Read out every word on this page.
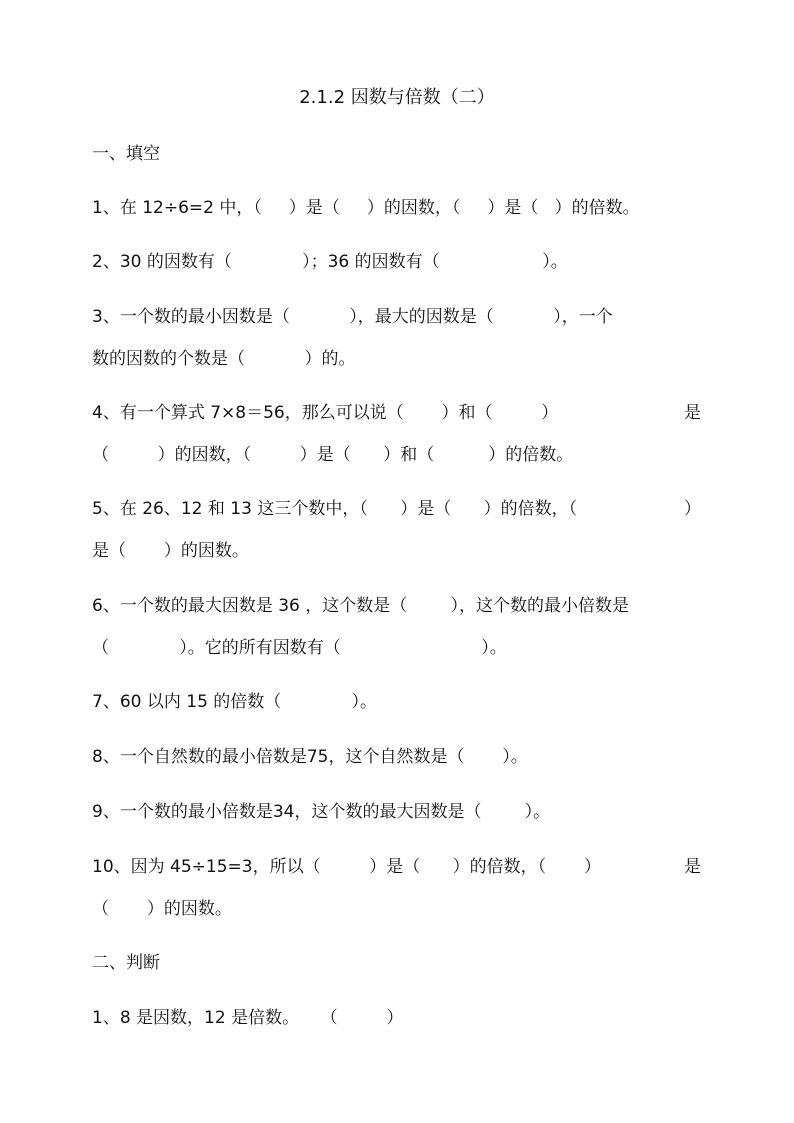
2.1.2 因数与倍数（二）
一、填空
1、在 12÷6=2 中，（     ）是（     ）的因数，（     ）是（   ）的倍数。
2、30 的因数有（             ）；36 的因数有（                   ）。
3、一个数的最小因数是（           ），最大的因数是（           ），一个
数的因数的个数是（           ）的。
4、有一个算式 7×8＝56，那么可以说（       ）和（         ）	是
（         ）的因数，（         ）是（      ）和（          ）的倍数。
5、在 26、12 和 13 这三个数中，（      ）是（      ）的倍数，（	）
是（       ）的因数。
6、一个数的最大因数是 36 ，这个数是（        ），这个数的最小倍数是
（             ）。它的所有因数有（                          ）。
7、60 以内 15 的倍数（             ）。
8、一个自然数的最小倍数是75，这个自然数是（       ）。
9、一个数的最小倍数是34，这个数的最大因数是（        ）。
10、因为 45÷15=3，所以（         ）是（      ）的倍数，（       ）	是
（       ）的因数。
二、判断
1、8 是因数，12 是倍数。    （         ）
